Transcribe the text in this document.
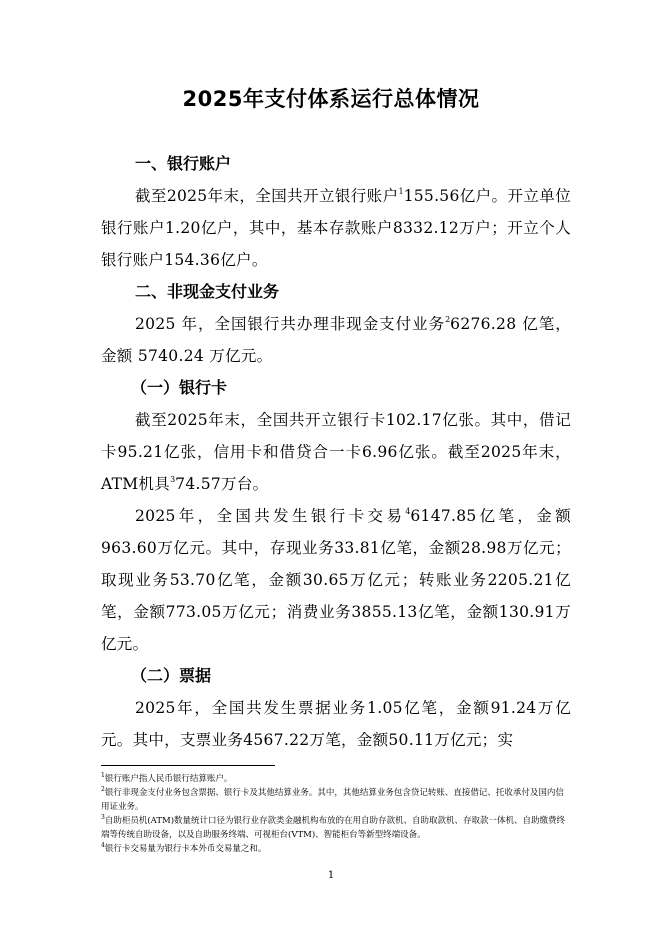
2025年支付体系运行总体情况
一、银行账户

截至2025年末，全国共开立银行账户$^1$155.56亿户。开立单位银行账户1.20亿户，其中，基本存款账户8332.12万户；开立个人银行账户154.36亿户。

二、非现金支付业务

2025 年，全国银行共办理非现金支付业务$^2$6276.28 亿笔，金额 5740.24 万亿元。

（一）银行卡

截至2025年末，全国共开立银行卡102.17亿张。其中，借记卡95.21亿张，信用卡和借贷合一卡6.96亿张。截至2025年末，ATM机具$^3$74.57万台。

2025年，全国共发生银行卡交易$^4$6147.85亿笔，金额963.60万亿元。其中，存现业务33.81亿笔，金额28.98万亿元；取现业务53.70亿笔，金额30.65万亿元；转账业务2205.21亿笔，金额773.05万亿元；消费业务3855.13亿笔，金额130.91万亿元。

（二）票据

2025年，全国共发生票据业务1.05亿笔，金额91.24万亿元。其中，支票业务4567.22万笔，金额50.11万亿元；实

$^1$银行账户指人民币银行结算账户。
$^2$银行非现金支付业务包含票据、银行卡及其他结算业务。其中，其他结算业务包含贷记转账、直接借记、托收承付及国内信用证业务。
$^3$自助柜员机(ATM)数量统计口径为银行业存款类金融机构布放的在用自助存款机、自助取款机、存取款一体机、自助缴费终端等传统自助设备，以及自助服务终端、可视柜台(VTM)、智能柜台等新型终端设备。
$^4$银行卡交易量为银行卡本外币交易量之和。
1
